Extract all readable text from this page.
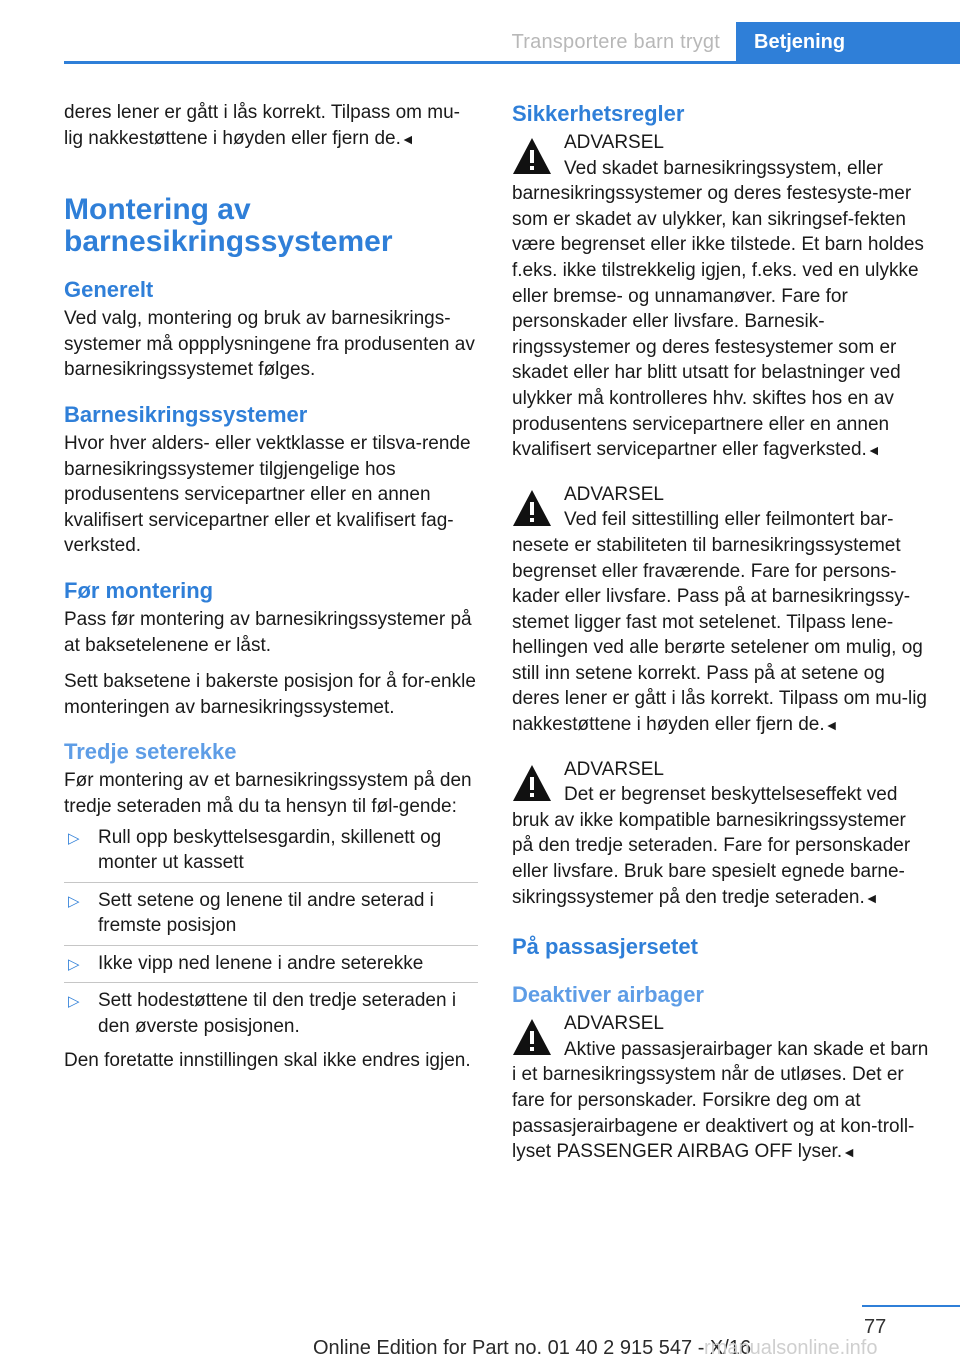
Transportere barn trygt Betjening

deres lener er gått i lås korrekt. Tilpass om mu‐lig nakkestøttene i høyden eller fjern de.◄

Montering av barnesikringssystemer
Generelt

Ved valg, montering og bruk av barnesikrings‐systemer må oppplysningene fra produsenten av barnesikringssystemet følges.

Barnesikringssystemer

Hvor hver alders- eller vektklasse er tilsva‐rende barnesikringssystemer tilgjengelige hos produsentens servicepartner eller en annen kvalifisert servicepartner eller et kvalifisert fag‐verksted.

Før montering

Pass før montering av barnesikringssystemer på at baksetelenene er låst.

Sett baksetene i bakerste posisjon for å for‐enkle monteringen av barnesikringssystemet.

Tredje seterekke

Før montering av et barnesikringssystem på den tredje seteraden må du ta hensyn til føl‐gende:

▷ Rull opp beskyttelsesgardin, skillenett og monter ut kassett
▷ Sett setene og lenene til andre seterad i fremste posisjon
▷ Ikke vipp ned lenene i andre seterekke
▷ Sett hodestøttene til den tredje seteraden i den øverste posisjonen.

Den foretatte innstillingen skal ikke endres igjen.

Sikkerhetsregler
ADVARSEL
Ved skadet barnesikringssystem, eller barnesikringssystemer og deres festesyste‐mer som er skadet av ulykker, kan sikringsef‐fekten være begrenset eller ikke tilstede. Et barn holdes f.eks. ikke tilstrekkelig igjen, f.eks. ved en ulykke eller bremse- og unnamanøver. Fare for personskader eller livsfare. Barnesik‐ringssystemer og deres festesystemer som er skadet eller har blitt utsatt for belastninger ved ulykker må kontrolleres hhv. skiftes hos en av produsentens servicepartnere eller en annen kvalifisert servicepartner eller fagverksted.◄
ADVARSEL
Ved feil sittestilling eller feilmontert bar‐nesete er stabiliteten til barnesikringssystemet begrenset eller fraværende. Fare for persons‐kader eller livsfare. Pass på at barnesikringssy‐stemet ligger fast mot setelenet. Tilpass lene‐hellingen ved alle berørte setelener om mulig, og still inn setene korrekt. Pass på at setene og deres lener er gått i lås korrekt. Tilpass om mu‐lig nakkestøttene i høyden eller fjern de.◄
ADVARSEL
Det er begrenset beskyttelseseffekt ved bruk av ikke kompatible barnesikringssystemer på den tredje seteraden. Fare for personskader eller livsfare. Bruk bare spesielt egnede barne‐sikringssystemer på den tredje seteraden.◄
På passasjersetet
Deaktiver airbager
ADVARSEL
Aktive passasjerairbager kan skade et barn i et barnesikringssystem når de utløses. Det er fare for personskader. Forsikre deg om at passasjerairbagene er deaktivert og at kon‐troll-lyset PASSENGER AIRBAG OFF lyser.◄
77
Online Edition for Part no. 01 40 2 915 547 - X/16
rmanualsonline.info
